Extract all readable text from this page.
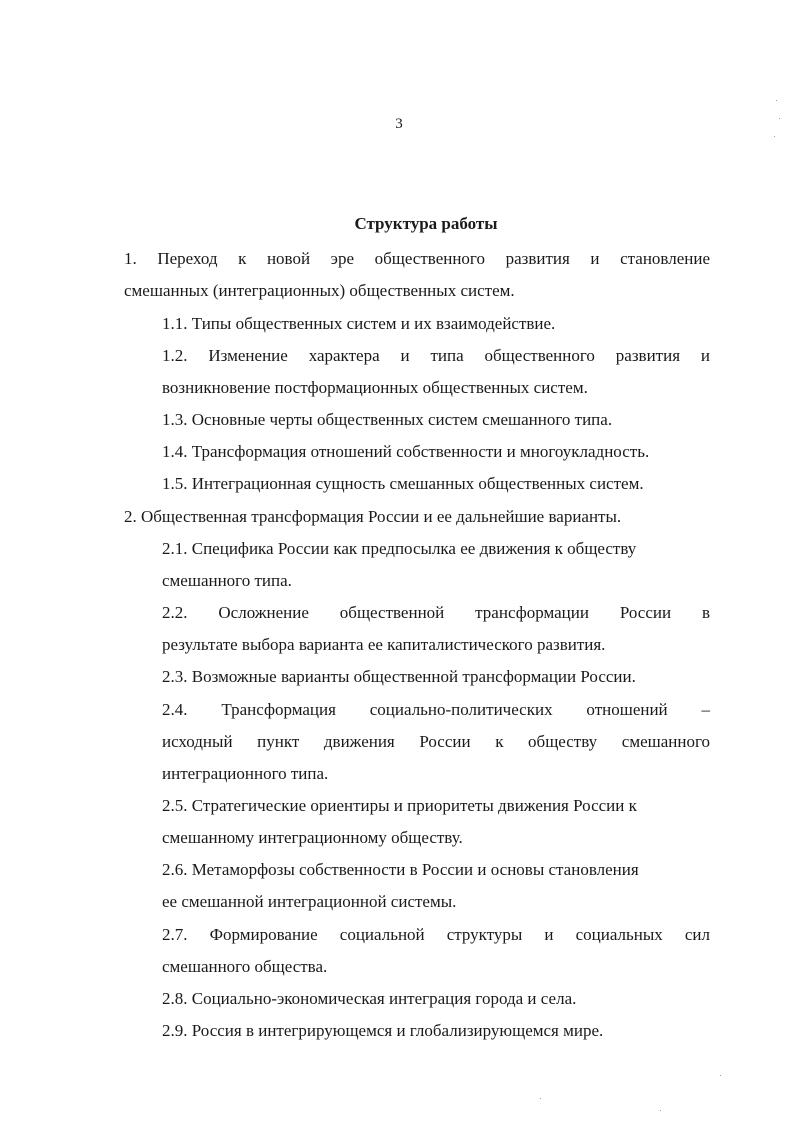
3
Структура работы
1. Переход к новой эре общественного развития и становление
смешанных (интеграционных) общественных систем.
1.1. Типы общественных систем и их взаимодействие.
1.2. Изменение характера и типа общественного развития и
возникновение постформационных общественных систем.
1.3. Основные черты общественных систем смешанного типа.
1.4. Трансформация отношений собственности и многоукладность.
1.5. Интеграционная сущность смешанных общественных систем.
2. Общественная трансформация России и ее дальнейшие варианты.
2.1. Специфика России как предпосылка ее движения к обществу
смешанного типа.
2.2. Осложнение общественной трансформации России в
результате выбора варианта ее капиталистического развития.
2.3. Возможные варианты общественной трансформации России.
2.4. Трансформация социально-политических отношений –
исходный пункт движения России к обществу смешанного
интеграционного типа.
2.5. Стратегические ориентиры и приоритеты движения России к
смешанному интеграционному обществу.
2.6. Метаморфозы собственности в России и основы становления
ее смешанной интеграционной системы.
2.7. Формирование социальной структуры и социальных сил
смешанного общества.
2.8. Социально-экономическая интеграция города и села.
2.9. Россия в интегрирующемся и глобализирующемся мире.
